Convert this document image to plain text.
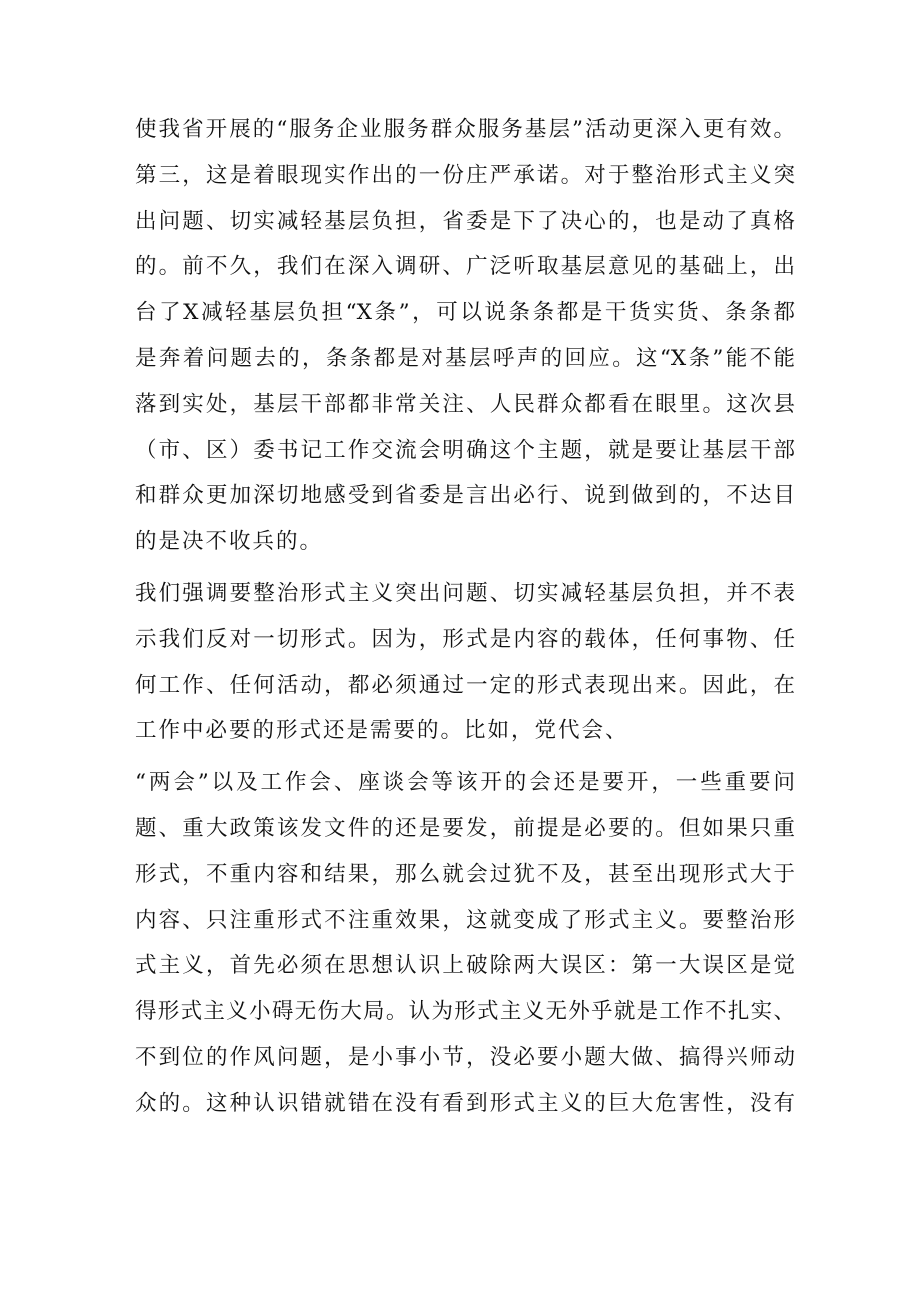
使我省开展的“服务企业服务群众服务基层”活动更深入更有效。
第三，这是着眼现实作出的一份庄严承诺。对于整治形式主义突
出问题、切实减轻基层负担，省委是下了决心的，也是动了真格
的。前不久，我们在深入调研、广泛听取基层意见的基础上，出
台了X减轻基层负担“X条”，可以说条条都是干货实货、条条都
是奔着问题去的，条条都是对基层呼声的回应。这“X条”能不能
落到实处，基层干部都非常关注、人民群众都看在眼里。这次县
（市、区）委书记工作交流会明确这个主题，就是要让基层干部
和群众更加深切地感受到省委是言出必行、说到做到的，不达目
的是决不收兵的。
我们强调要整治形式主义突出问题、切实减轻基层负担，并不表
示我们反对一切形式。因为，形式是内容的载体，任何事物、任
何工作、任何活动，都必须通过一定的形式表现出来。因此，在
工作中必要的形式还是需要的。比如，党代会、
“两会”以及工作会、座谈会等该开的会还是要开，一些重要问
题、重大政策该发文件的还是要发，前提是必要的。但如果只重
形式，不重内容和结果，那么就会过犹不及，甚至出现形式大于
内容、只注重形式不注重效果，这就变成了形式主义。要整治形
式主义，首先必须在思想认识上破除两大误区：第一大误区是觉
得形式主义小碍无伤大局。认为形式主义无外乎就是工作不扎实、
不到位的作风问题，是小事小节，没必要小题大做、搞得兴师动
众的。这种认识错就错在没有看到形式主义的巨大危害性，没有
